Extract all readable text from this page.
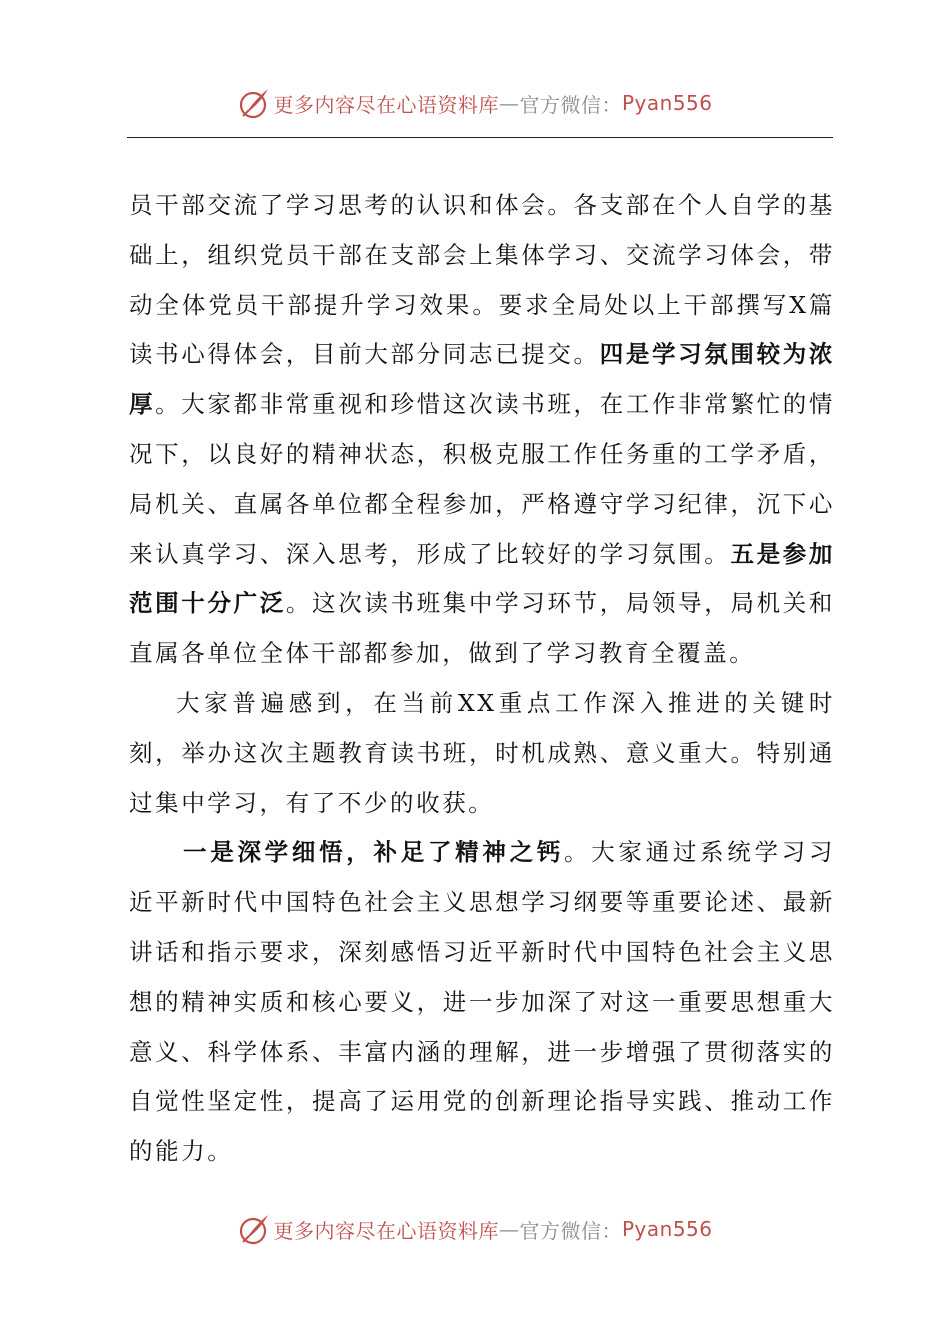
更多内容尽在心语资料库 — 官方微信： Pyan556

员干部交流了学习思考的认识和体会。各支部在个人自学的基础上，组织党员干部在支部会上集体学习、交流学习体会，带动全体党员干部提升学习效果。要求全局处以上干部撰写X篇读书心得体会，目前大部分同志已提交。四是学习氛围较为浓厚。大家都非常重视和珍惜这次读书班，在工作非常繁忙的情况下，以良好的精神状态，积极克服工作任务重的工学矛盾，局机关、直属各单位都全程参加，严格遵守学习纪律，沉下心来认真学习、深入思考，形成了比较好的学习氛围。五是参加范围十分广泛。这次读书班集中学习环节，局领导，局机关和直属各单位全体干部都参加，做到了学习教育全覆盖。

大家普遍感到，在当前XX重点工作深入推进的关键时刻，举办这次主题教育读书班，时机成熟、意义重大。特别通过集中学习，有了不少的收获。

一是深学细悟，补足了精神之钙。大家通过系统学习习近平新时代中国特色社会主义思想学习纲要等重要论述、最新讲话和指示要求，深刻感悟习近平新时代中国特色社会主义思想的精神实质和核心要义，进一步加深了对这一重要思想重大意义、科学体系、丰富内涵的理解，进一步增强了贯彻落实的自觉性坚定性，提高了运用党的创新理论指导实践、推动工作的能力。

更多内容尽在心语资料库 — 官方微信： Pyan556
